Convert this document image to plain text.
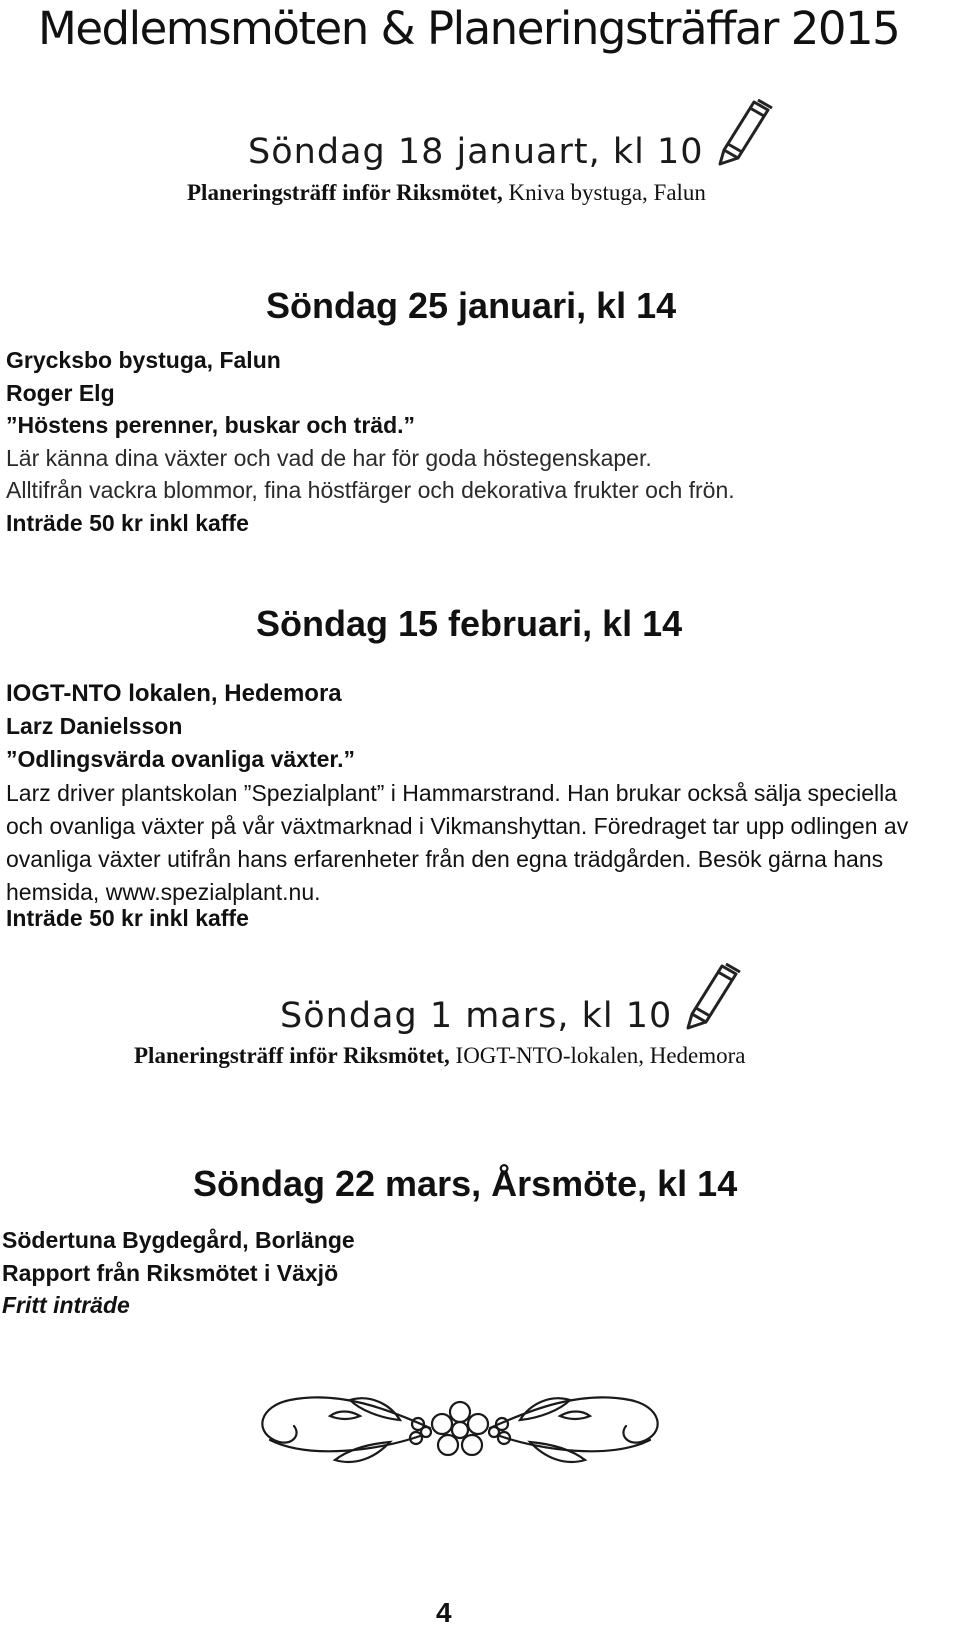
Medlemsmöten & Planeringsträffar 2015
Söndag 18 januart, kl 10
Planeringsträff inför Riksmötet, Kniva bystuga, Falun
Söndag 25 januari, kl 14
Grycksbo bystuga, Falun
Roger Elg
”Höstens perenner, buskar och träd.”
Lär känna dina växter och vad de har för goda höstegenskaper.
Alltifrån vackra blommor, fina höstfärger och dekorativa frukter och frön.
Inträde 50 kr inkl kaffe
Söndag 15 februari, kl 14
IOGT-NTO lokalen, Hedemora
Larz Danielsson
”Odlingsvärda ovanliga växter.”
Larz driver plantskolan ”Spezialplant” i Hammarstrand. Han brukar också sälja speciella och ovanliga växter på vår växtmarknad i Vikmanshyttan. Föredraget tar upp odlingen av ovanliga växter utifrån hans erfarenheter från den egna trädgården. Besök gärna hans hemsida, www.spezialplant.nu.
Inträde 50 kr inkl kaffe
Söndag 1 mars, kl 10
Planeringsträff inför Riksmötet, IOGT-NTO-lokalen, Hedemora
Söndag 22 mars, Årsmöte, kl 14
Södertuna Bygdegård, Borlänge
Rapport från Riksmötet i Växjö
Fritt inträde
4
